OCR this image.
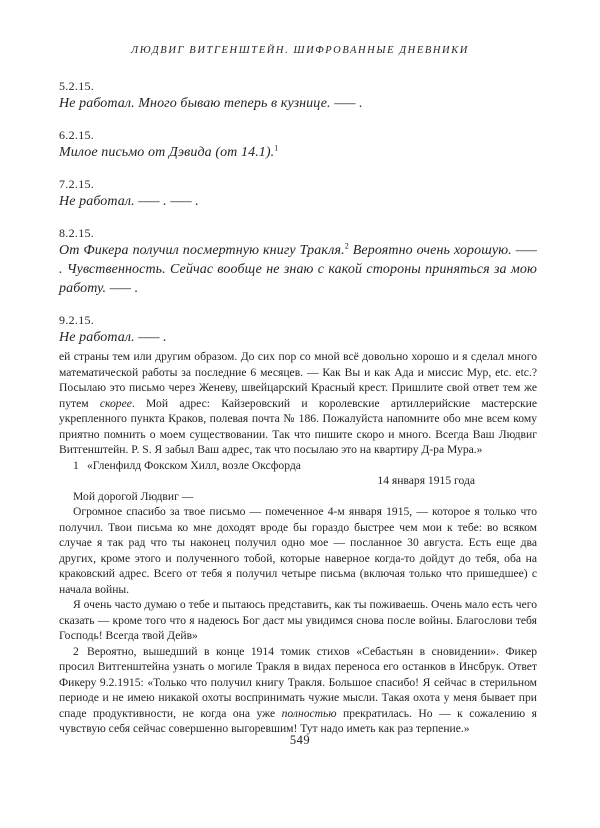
ЛЮДВИГ ВИТГЕНШТЕЙН. ШИФРОВАННЫЕ ДНЕВНИКИ
5.2.15.
Не работал. Много бываю теперь в кузнице. ––– .
6.2.15.
Милое письмо от Дэвида (от 14.1).$^1$
7.2.15.
Не работал. ––– . ––– .
8.2.15.
От Фикера получил посмертную книгу Тракля.$^2$ Вероятно очень хорошую. ––– . Чувственность. Сейчас вообще не знаю с какой стороны приняться за мою работу. ––– .
9.2.15.
Не работал. ––– .

ей страны тем или другим образом. До сих пор со мной всё довольно хорошо и я сделал много математической работы за последние 6 месяцев. — Как Вы и как Ада и миссис Мур, etc. etc.? Посылаю это письмо через Женеву, швейцарский Красный крест. Пришлите свой ответ тем же путем скорее. Мой адрес: Кайзеровский и королевские артиллерийские мастерские укрепленного пункта Краков, полевая почта № 186. Пожалуйста напомните обо мне всем кому приятно помнить о моем существовании. Так что пишите скоро и много. Всегда Ваш Людвиг Витгенштейн. P. S. Я забыл Ваш адрес, так что посылаю это на квартиру Д-ра Мура.»

1 «Гленфилд Фокском Хилл, возле Оксфорда

14 января 1915 года

Мой дорогой Людвиг —

Огромное спасибо за твое письмо — помеченное 4-м января 1915, — которое я только что получил. Твои письма ко мне доходят вроде бы гораздо быстрее чем мои к тебе: во всяком случае я так рад что ты наконец получил одно мое — посланное 30 августа. Есть еще два других, кроме этого и полученного тобой, которые наверное когда-то дойдут до тебя, оба на краковский адрес. Всего от тебя я получил четыре письма (включая только что пришедшее) с начала войны.

Я очень часто думаю о тебе и пытаюсь представить, как ты поживаешь. Очень мало есть чего сказать — кроме того что я надеюсь Бог даст мы увидимся снова после войны. Благослови тебя Господь! Всегда твой Дейв»

2 Вероятно, вышедший в конце 1914 томик стихов «Себастьян в сновидении». Фикер просил Витгенштейна узнать о могиле Тракля в видах переноса его останков в Инсбрук. Ответ Фикеру 9.2.1915: «Только что получил книгу Тракля. Большое спасибо! Я сейчас в стерильном периоде и не имею никакой охоты воспринимать чужие мысли. Такая охота у меня бывает при спаде продуктивности, не когда она уже полностью прекратилась. Но — к сожалению я чувствую себя сейчас совершенно выгоревшим! Тут надо иметь как раз терпение.»

549
